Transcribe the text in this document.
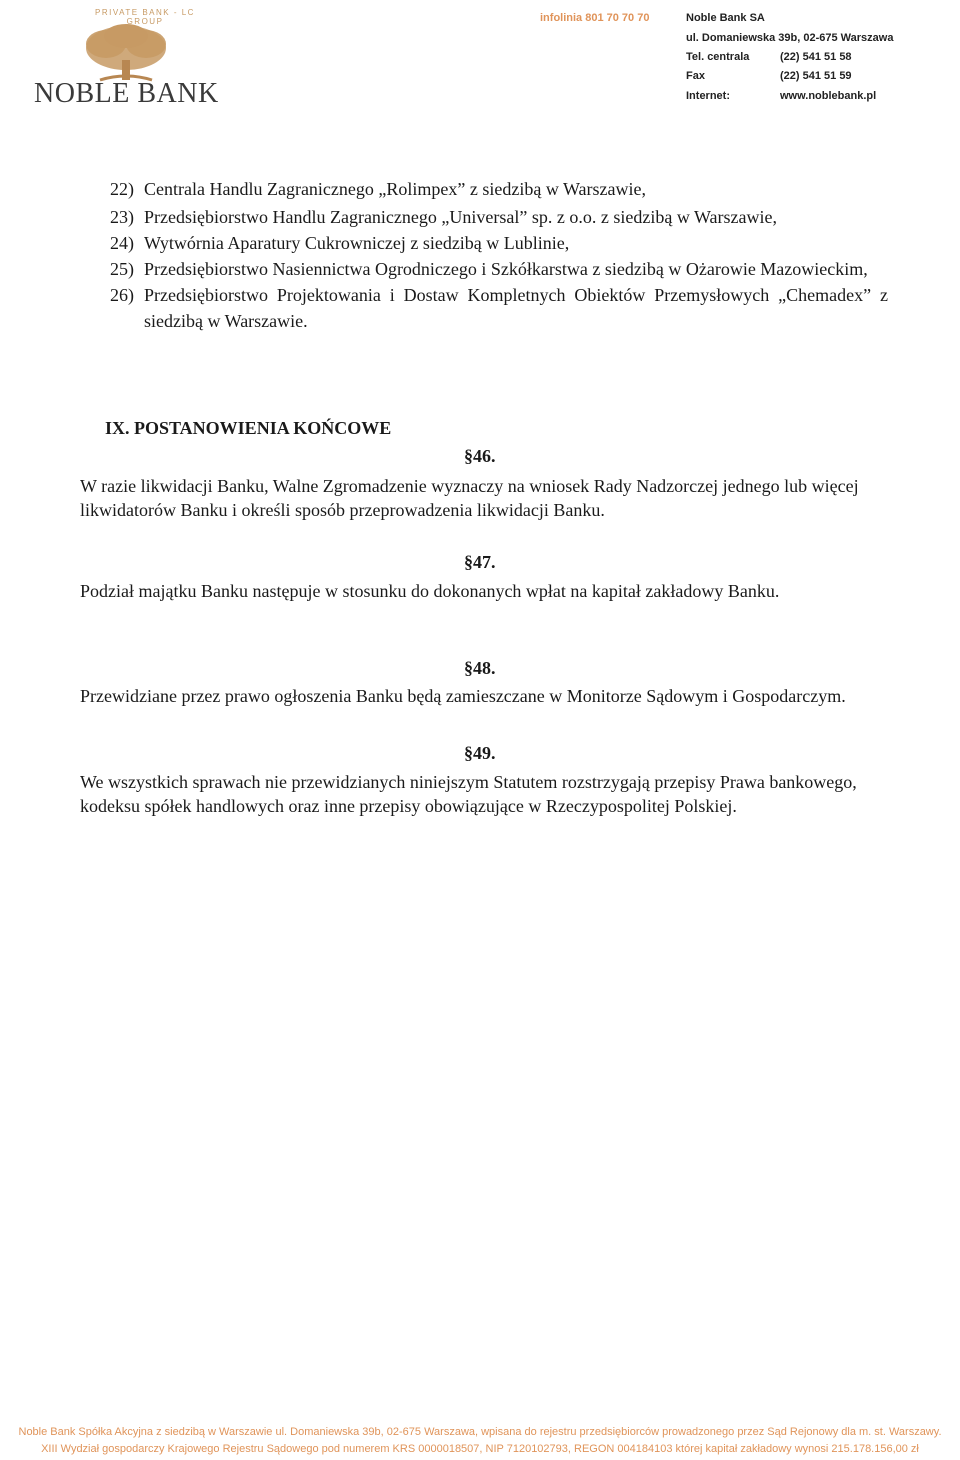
PRIVATE BANK - LC GROUP
NOBLE BANK
infolinia 801 70 70 70	Noble Bank SA
ul. Domaniewska 39b, 02-675 Warszawa
Tel. centrala	(22) 541 51 58
Fax	(22) 541 51 59
Internet:	www.noblebank.pl
22) Centrala Handlu Zagranicznego „Rolimpex” z siedzibą w Warszawie,
23) Przedsiębiorstwo Handlu Zagranicznego „Universal” sp. z o.o. z siedzibą w Warszawie,
24) Wytwórnia Aparatury Cukrowniczej z siedzibą w Lublinie,
25) Przedsiębiorstwo Nasiennictwa Ogrodniczego i Szkółkarstwa z siedzibą w Ożarowie Mazowieckim,
26) Przedsiębiorstwo Projektowania i Dostaw Kompletnych Obiektów Przemysłowych „Chemadex” z siedzibą w Warszawie.
IX. POSTANOWIENIA KOŃCOWE
§46.
W razie likwidacji Banku, Walne Zgromadzenie wyznaczy na wniosek Rady Nadzorczej jednego lub więcej likwidatorów Banku i określi sposób przeprowadzenia likwidacji Banku.
§47.
Podział majątku Banku następuje w stosunku do dokonanych wpłat na kapitał zakładowy Banku.
§48.
Przewidziane przez prawo ogłoszenia Banku będą zamieszczane w Monitorze Sądowym i Gospodarczym.
§49.
We wszystkich sprawach nie przewidzianych niniejszym Statutem rozstrzygają przepisy Prawa bankowego, kodeksu spółek handlowych oraz inne przepisy obowiązujące w Rzeczypospolitej Polskiej.
Noble Bank Spółka Akcyjna z siedzibą w Warszawie ul. Domaniewska 39b, 02-675 Warszawa, wpisana do rejestru przedsiębiorców prowadzonego przez Sąd Rejonowy dla m. st. Warszawy.
XIII Wydział gospodarczy Krajowego Rejestru Sądowego pod numerem KRS 0000018507, NIP 7120102793, REGON 004184103 której kapitał zakładowy wynosi 215.178.156,00 zł
